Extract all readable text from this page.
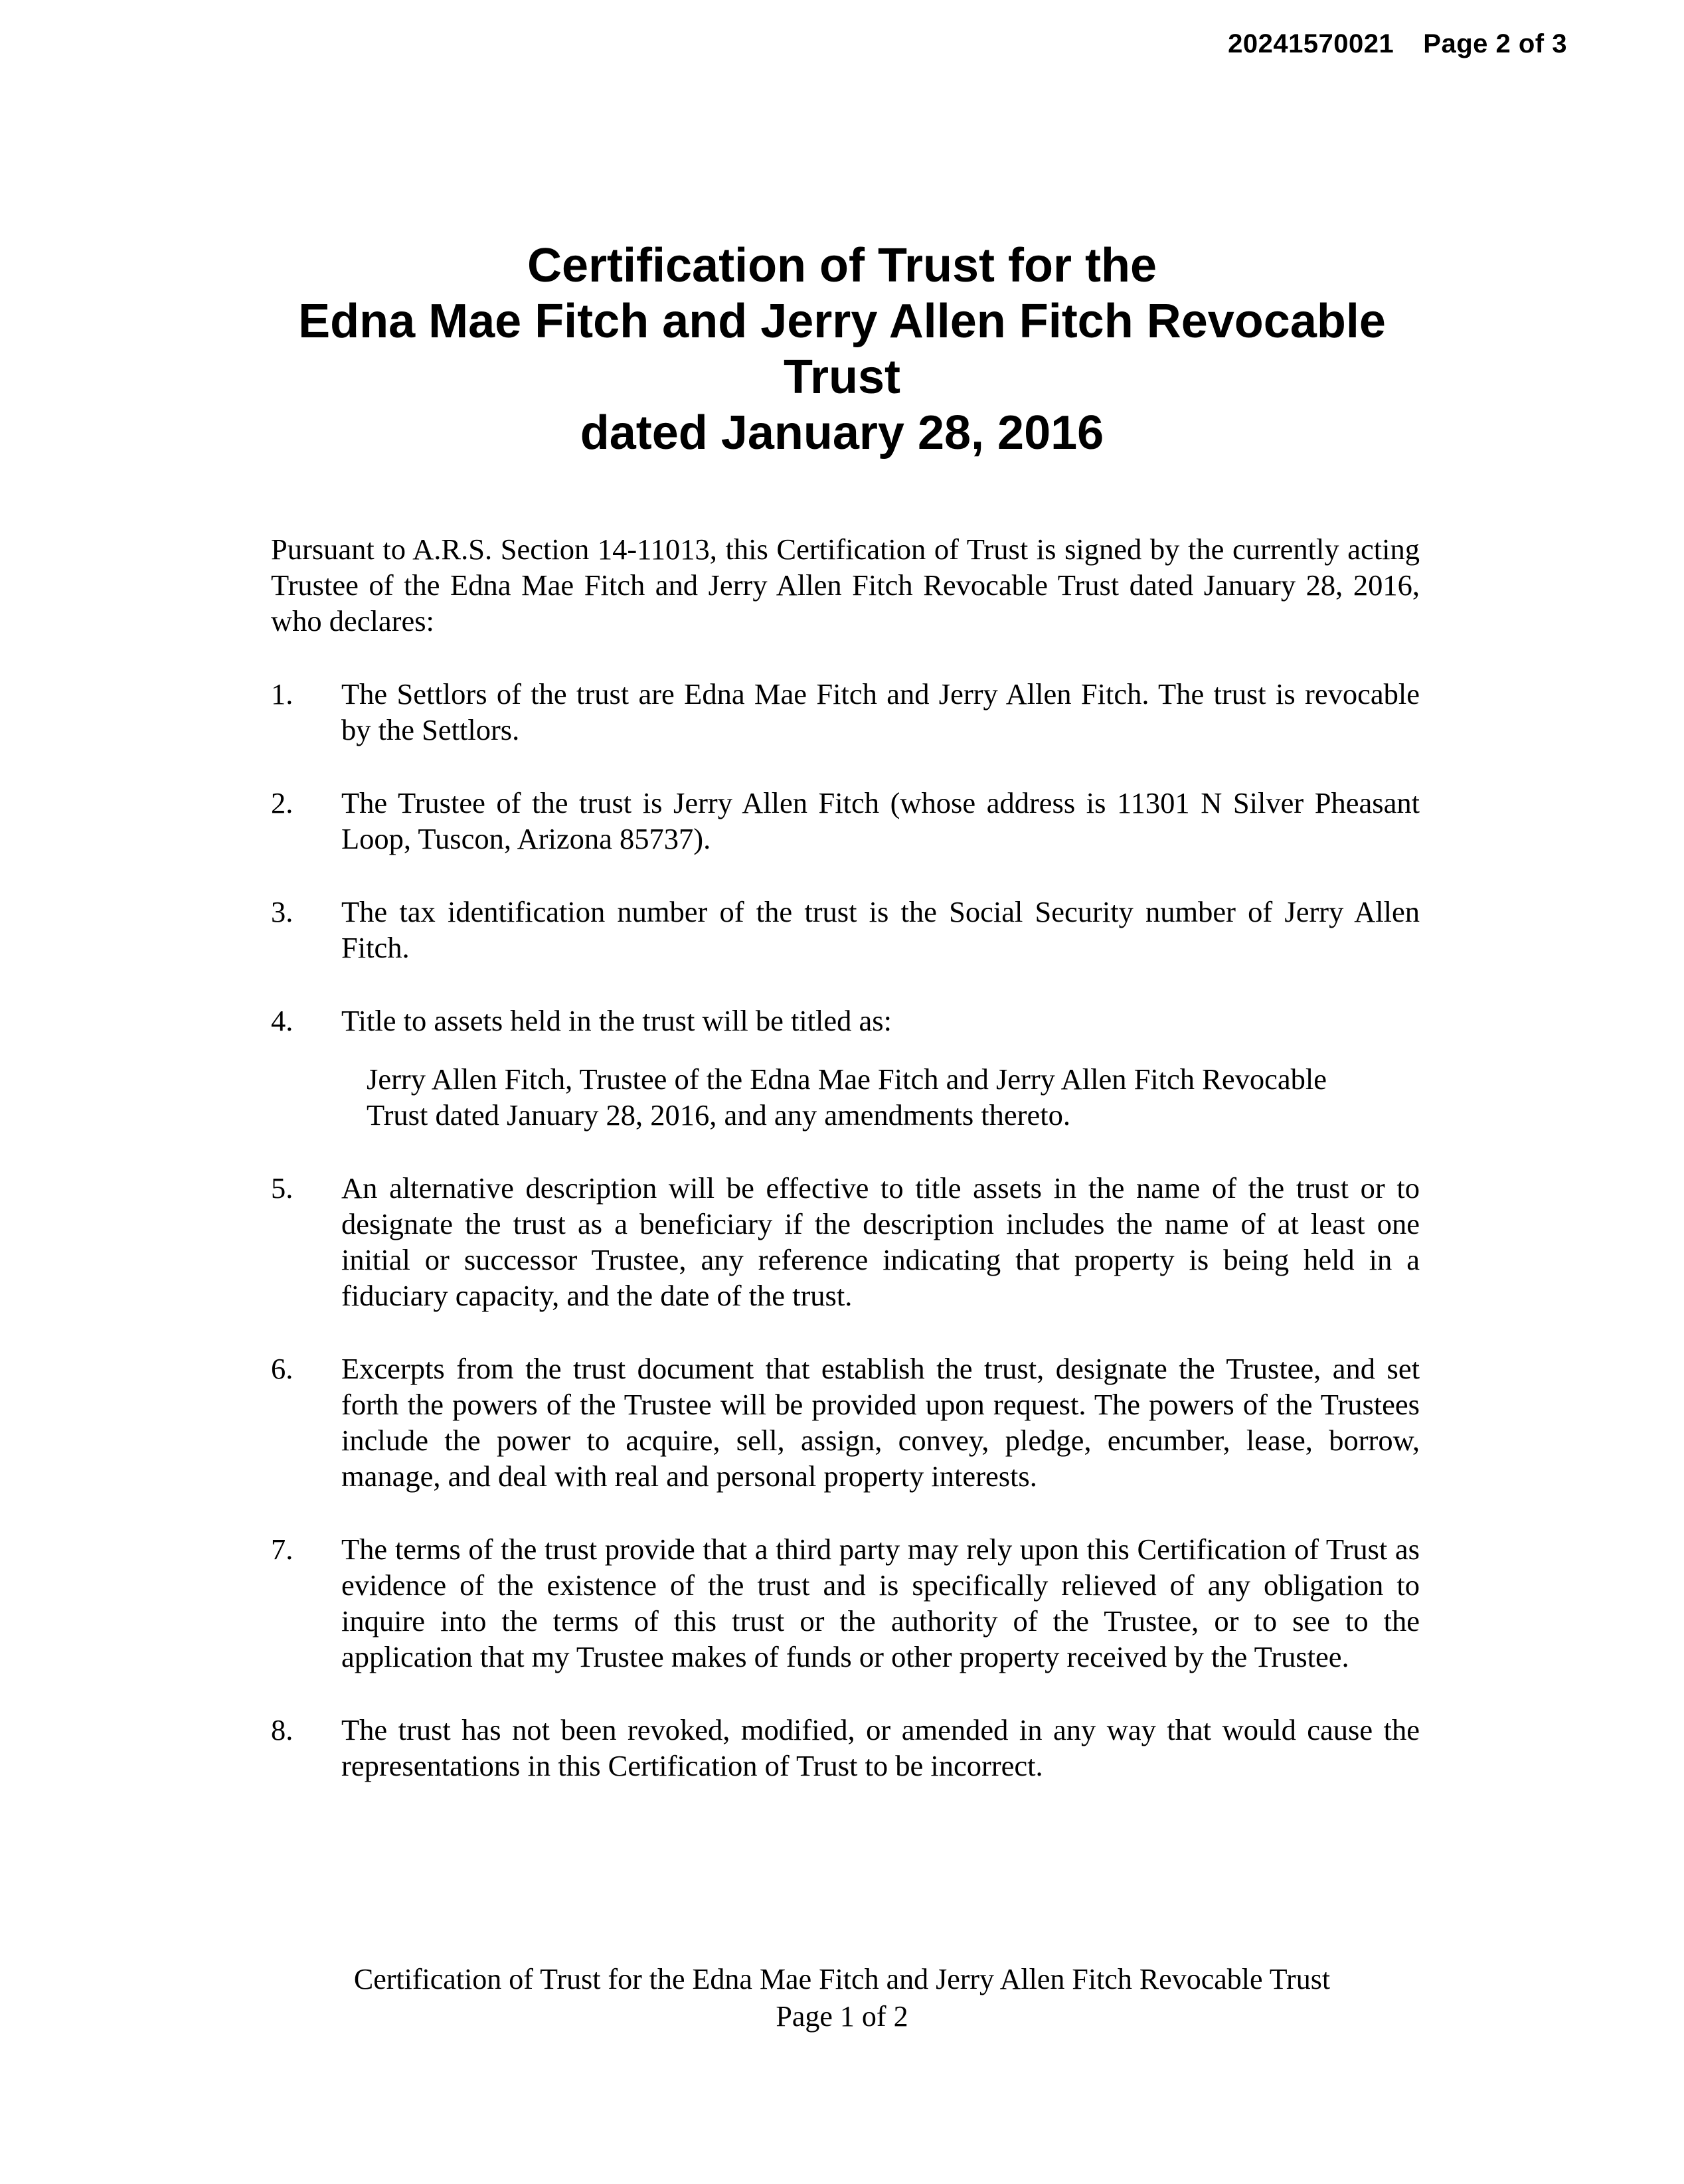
20241570021 Page 2 of 3
Certification of Trust for the
Edna Mae Fitch and Jerry Allen Fitch Revocable
Trust
dated January 28, 2016

Pursuant to A.R.S. Section 14-11013, this Certification of Trust is signed by the currently acting Trustee of the Edna Mae Fitch and Jerry Allen Fitch Revocable Trust dated January 28, 2016, who declares:

1. The Settlors of the trust are Edna Mae Fitch and Jerry Allen Fitch. The trust is revocable by the Settlors.
2. The Trustee of the trust is Jerry Allen Fitch (whose address is 11301 N Silver Pheasant Loop, Tuscon, Arizona 85737).
3. The tax identification number of the trust is the Social Security number of Jerry Allen Fitch.
4. Title to assets held in the trust will be titled as:
Jerry Allen Fitch, Trustee of the Edna Mae Fitch and Jerry Allen Fitch Revocable Trust dated January 28, 2016, and any amendments thereto.
5. An alternative description will be effective to title assets in the name of the trust or to designate the trust as a beneficiary if the description includes the name of at least one initial or successor Trustee, any reference indicating that property is being held in a fiduciary capacity, and the date of the trust.
6. Excerpts from the trust document that establish the trust, designate the Trustee, and set forth the powers of the Trustee will be provided upon request. The powers of the Trustees include the power to acquire, sell, assign, convey, pledge, encumber, lease, borrow, manage, and deal with real and personal property interests.
7. The terms of the trust provide that a third party may rely upon this Certification of Trust as evidence of the existence of the trust and is specifically relieved of any obligation to inquire into the terms of this trust or the authority of the Trustee, or to see to the application that my Trustee makes of funds or other property received by the Trustee.
8. The trust has not been revoked, modified, or amended in any way that would cause the representations in this Certification of Trust to be incorrect.
Certification of Trust for the Edna Mae Fitch and Jerry Allen Fitch Revocable Trust
Page 1 of 2
